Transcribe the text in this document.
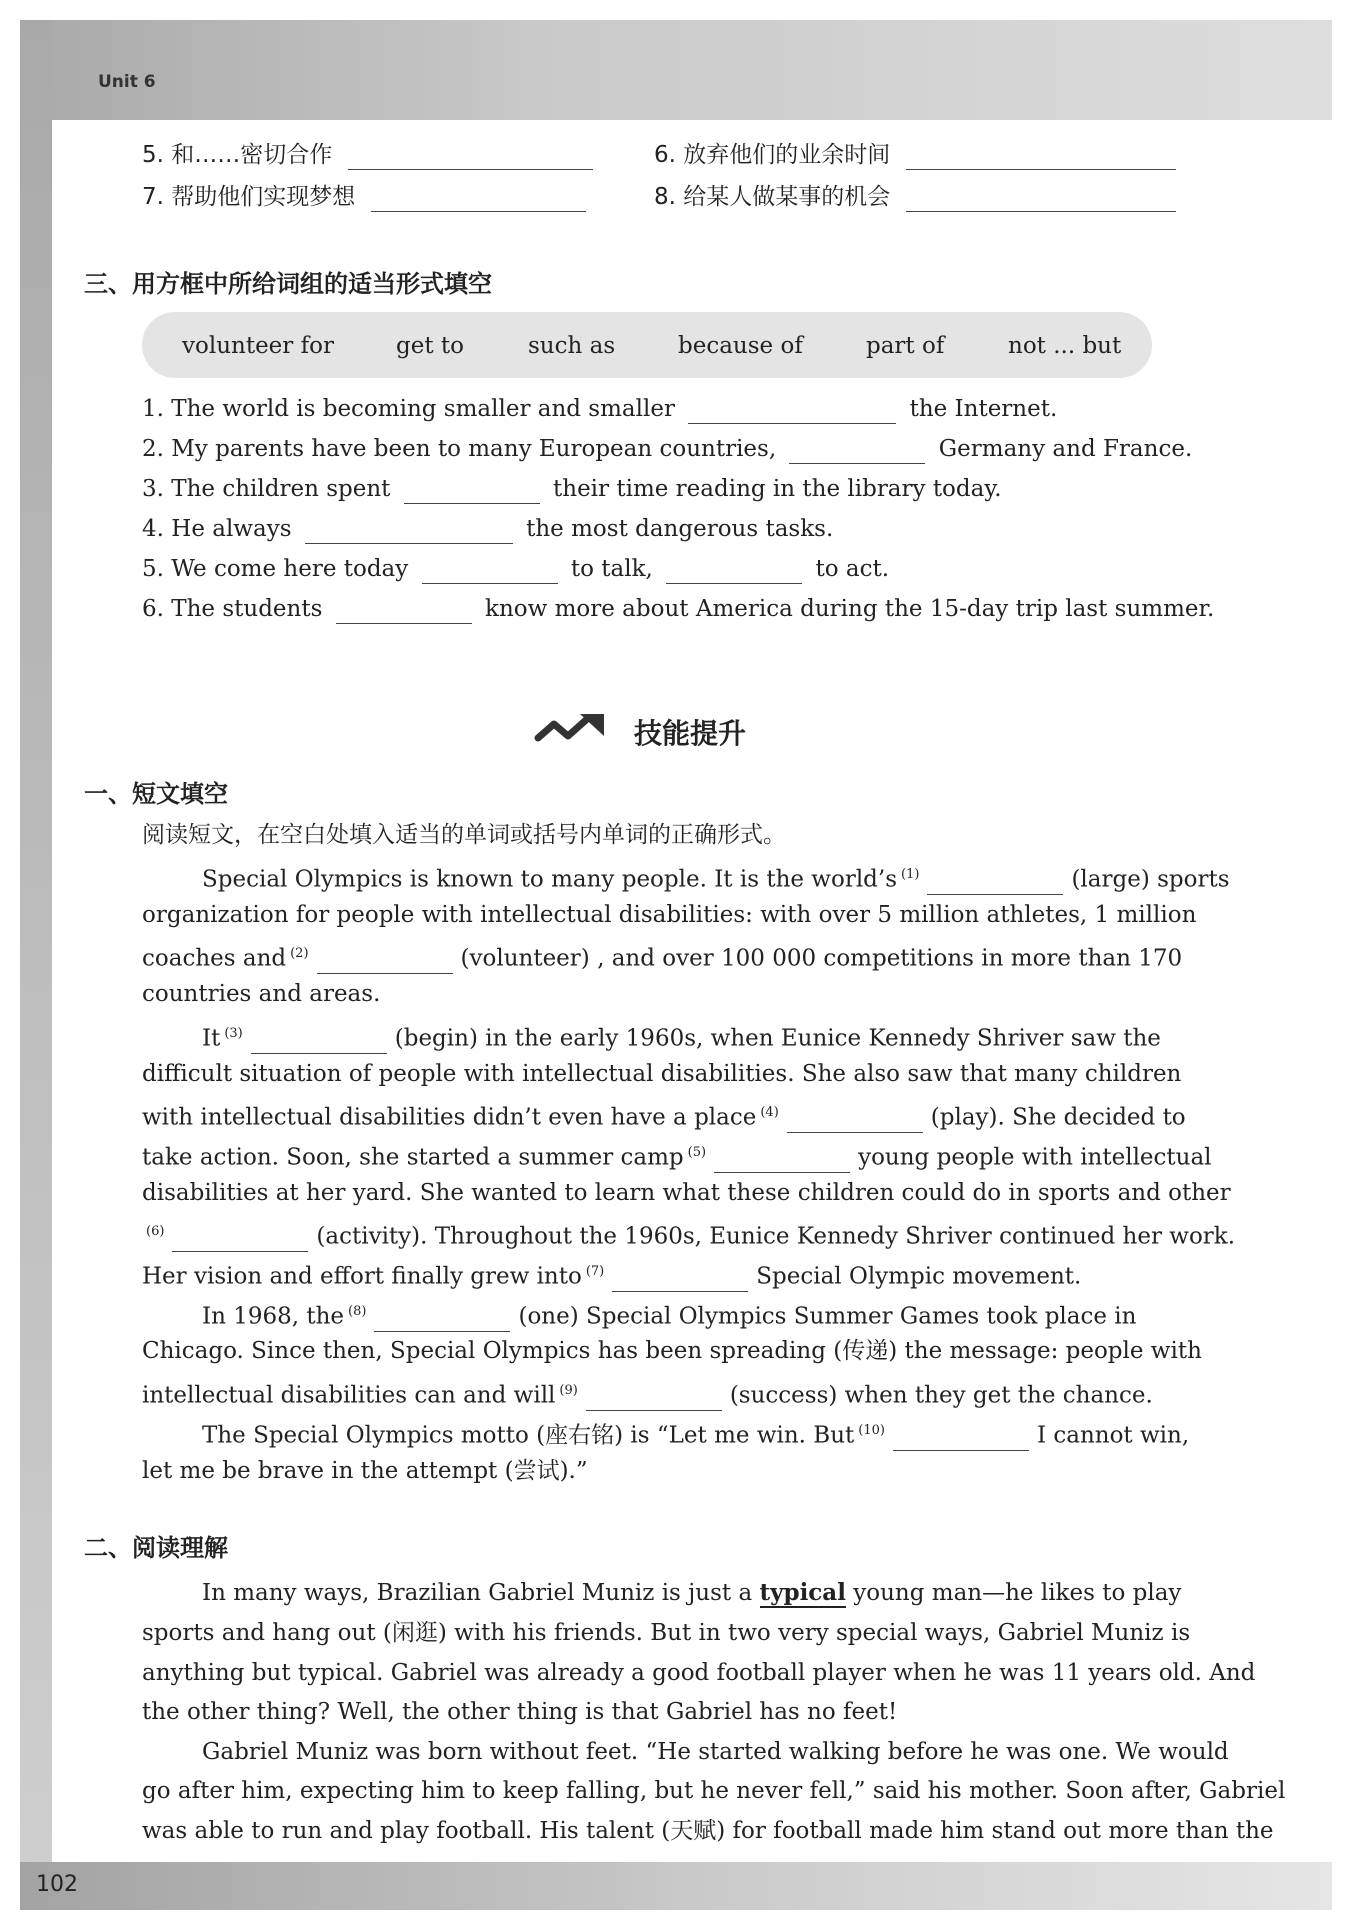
Unit 6
102
5. 和……密切合作	6. 放弃他们的业余时间
7. 帮助他们实现梦想	8. 给某人做某事的机会
三、用方框中所给词组的适当形式填空
volunteer for	get to	such as	because of	part of	not ... but
1. The world is becoming smaller and smaller	the Internet.
2. My parents have been to many European countries,	Germany and France.
3. The children spent	their time reading in the library today.
4. He always	the most dangerous tasks.
5. We come here today	to talk,	to act.
6. The students	know more about America during the 15-day trip last summer.
技能提升
一、短文填空
阅读短文，在空白处填入适当的单词或括号内单词的正确形式。
Special Olympics is known to many people. It is the world’s $^{(1)}$	(large) sports
organization for people with intellectual disabilities: with over 5 million athletes, 1 million
coaches and $^{(2)}$	(volunteer) , and over 100 000 competitions in more than 170
countries and areas.
It $^{(3)}$	(begin) in the early 1960s, when Eunice Kennedy Shriver saw the
difficult situation of people with intellectual disabilities. She also saw that many children
with intellectual disabilities didn’t even have a place $^{(4)}$	(play). She decided to
take action. Soon, she started a summer camp $^{(5)}$	young people with intellectual
disabilities at her yard. She wanted to learn what these children could do in sports and other
$^{(6)}$	(activity). Throughout the 1960s, Eunice Kennedy Shriver continued her work.
Her vision and effort finally grew into $^{(7)}$	Special Olympic movement.
In 1968, the $^{(8)}$	(one) Special Olympics Summer Games took place in
Chicago. Since then, Special Olympics has been spreading (传递) the message: people with
intellectual disabilities can and will $^{(9)}$	(success) when they get the chance.
The Special Olympics motto (座右铭) is “Let me win. But $^{(10)}$	I cannot win,
let me be brave in the attempt (尝试).”
二、阅读理解
In many ways, Brazilian Gabriel Muniz is just a typical young man—he likes to play
sports and hang out (闲逛) with his friends. But in two very special ways, Gabriel Muniz is
anything but typical. Gabriel was already a good football player when he was 11 years old. And
the other thing? Well, the other thing is that Gabriel has no feet!
Gabriel Muniz was born without feet. “He started walking before he was one. We would
go after him, expecting him to keep falling, but he never fell,” said his mother. Soon after, Gabriel
was able to run and play football. His talent (天赋) for football made him stand out more than the
